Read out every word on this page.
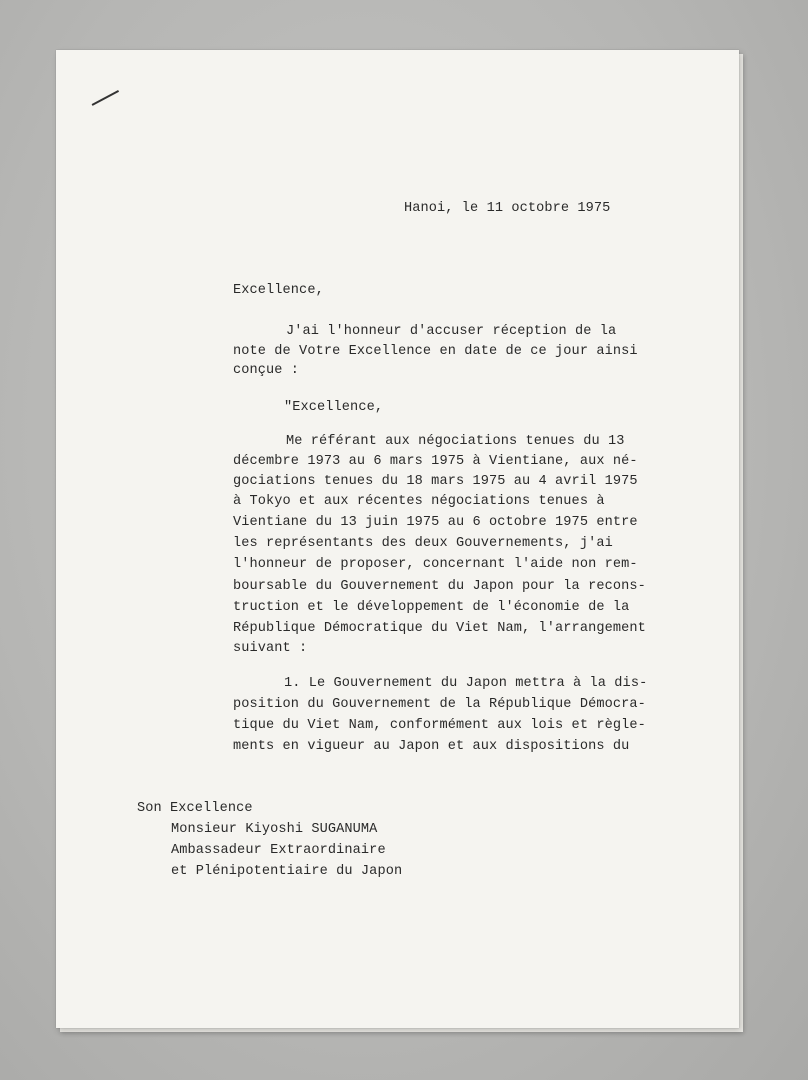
Hanoi, le 11 octobre 1975
Excellence,
J'ai l'honneur d'accuser réception de la
note de Votre Excellence en date de ce jour ainsi
conçue :
"Excellence,
Me référant aux négociations tenues du 13
décembre 1973 au 6 mars 1975 à Vientiane, aux né-
gociations tenues du 18 mars 1975 au 4 avril 1975
à Tokyo et aux récentes négociations tenues à
Vientiane du 13 juin 1975 au 6 octobre 1975 entre
les représentants des deux Gouvernements, j'ai
l'honneur de proposer, concernant l'aide non rem-
boursable du Gouvernement du Japon pour la recons-
truction et le développement de l'économie de la
République Démocratique du Viet Nam, l'arrangement
suivant :
1. Le Gouvernement du Japon mettra à la dis-
position du Gouvernement de la République Démocra-
tique du Viet Nam, conformément aux lois et règle-
ments en vigueur au Japon et aux dispositions du
Son Excellence
Monsieur Kiyoshi SUGANUMA
Ambassadeur Extraordinaire
et Plénipotentiaire du Japon
